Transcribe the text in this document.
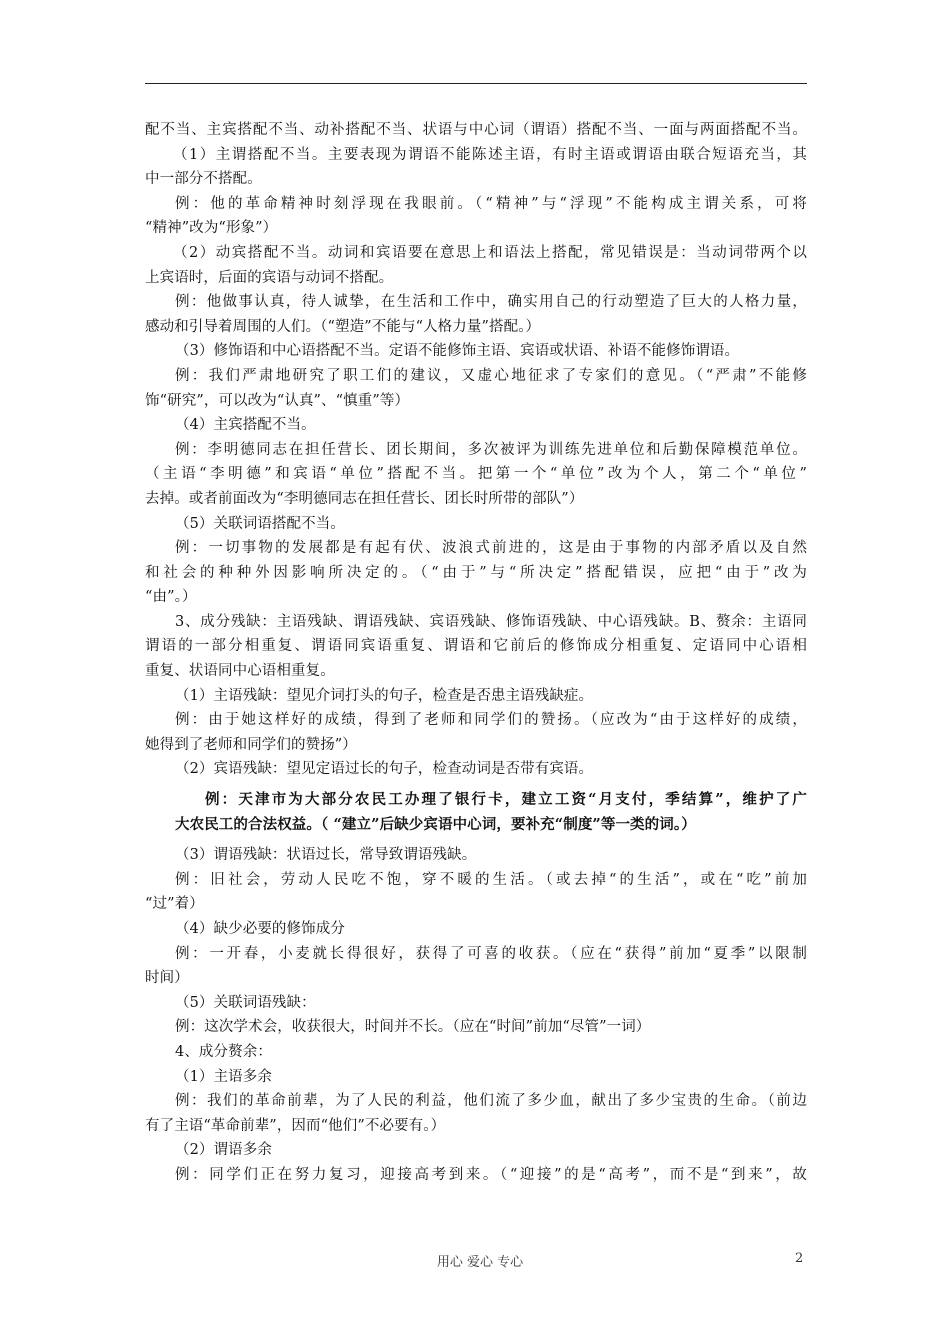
配不当、主宾搭配不当、动补搭配不当、状语与中心词（谓语）搭配不当、一面与两面搭配不当。
（1）主谓搭配不当。主要表现为谓语不能陈述主语，有时主语或谓语由联合短语充当，其
中一部分不搭配。
例：他的革命精神时刻浮现在我眼前。（“精神”与“浮现”不能构成主谓关系，可将
“精神”改为“形象”）
（2）动宾搭配不当。动词和宾语要在意思上和语法上搭配，常见错误是：当动词带两个以
上宾语时，后面的宾语与动词不搭配。
例：他做事认真，待人诚挚，在生活和工作中，确实用自己的行动塑造了巨大的人格力量，
感动和引导着周围的人们。（“塑造”不能与“人格力量”搭配。）
（3）修饰语和中心语搭配不当。定语不能修饰主语、宾语或状语、补语不能修饰谓语。
例：我们严肃地研究了职工们的建议，又虚心地征求了专家们的意见。（“严肃”不能修
饰“研究”，可以改为“认真”、“慎重”等）
（4）主宾搭配不当。
例：李明德同志在担任营长、团长期间，多次被评为训练先进单位和后勤保障模范单位。
（主语“李明德”和宾语“单位”搭配不当。把第一个“单位”改为个人，第二个“单位”
去掉。或者前面改为“李明德同志在担任营长、团长时所带的部队”）
（5）关联词语搭配不当。
例：一切事物的发展都是有起有伏、波浪式前进的，这是由于事物的内部矛盾以及自然
和社会的种种外因影响所决定的。（“由于”与“所决定”搭配错误，应把“由于”改为
“由”。）
3、成分残缺：主语残缺、谓语残缺、宾语残缺、修饰语残缺、中心语残缺。B、赘余：主语同
谓语的一部分相重复、谓语同宾语重复、谓语和它前后的修饰成分相重复、定语同中心语相
重复、状语同中心语相重复。
（1）主语残缺：望见介词打头的句子，检查是否患主语残缺症。
例：由于她这样好的成绩，得到了老师和同学们的赞扬。（应改为“由于这样好的成绩，
她得到了老师和同学们的赞扬”）
（2）宾语残缺：望见定语过长的句子，检查动词是否带有宾语。
例：天津市为大部分农民工办理了银行卡，建立工资“月支付，季结算”，维护了广
大农民工的合法权益。（ “建立”后缺少宾语中心词，要补充“制度”等一类的词。）
（3）谓语残缺：状语过长，常导致谓语残缺。
例：旧社会，劳动人民吃不饱，穿不暖的生活。（或去掉“的生活”，或在“吃”前加
“过”着）
（4）缺少必要的修饰成分
例：一开春，小麦就长得很好，获得了可喜的收获。（应在“获得”前加“夏季”以限制
时间）
（5）关联词语残缺：
例：这次学术会，收获很大，时间并不长。（应在“时间”前加“尽管”一词）
4、成分赘余：
（1）主语多余
例：我们的革命前辈，为了人民的利益，他们流了多少血，献出了多少宝贵的生命。（前边
有了主语“革命前辈”，因而“他们”不必要有。）
（2）谓语多余
例：同学们正在努力复习，迎接高考到来。（“迎接”的是“高考”，而不是“到来”，故
用心 爱心 专心	2
